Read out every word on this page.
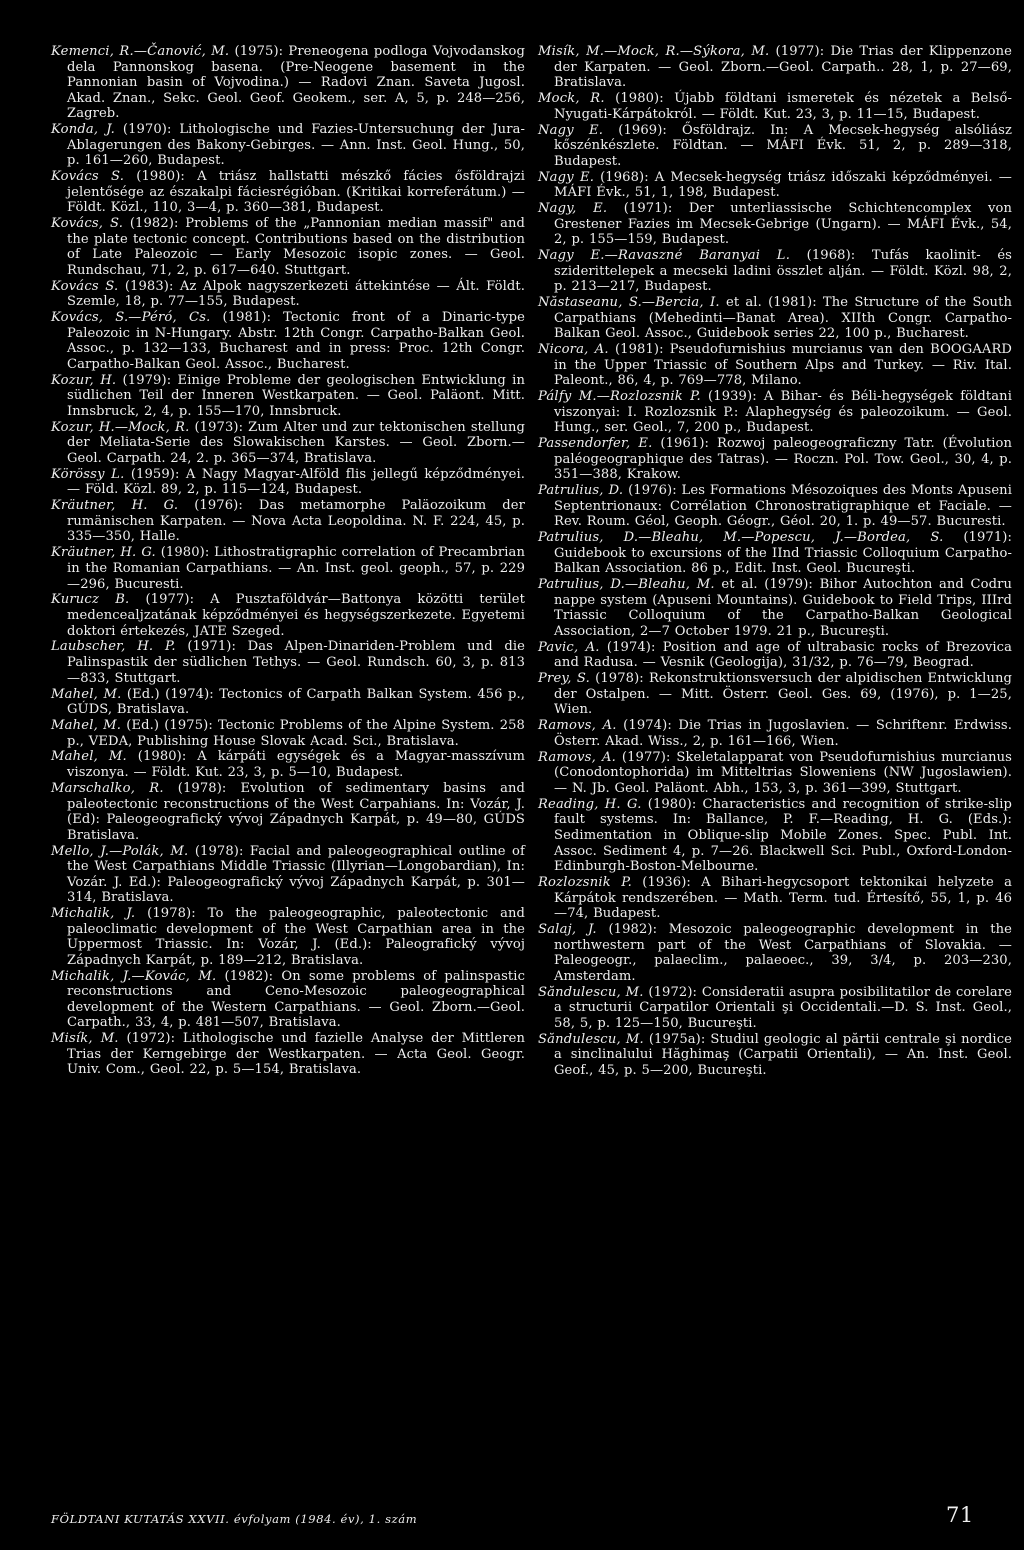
Kemenci, R.—Čanović, M. (1975): Preneogena podloga Vojvodanskog dela Pannonskog basena. (Pre-Neogene basement in the Pannonian basin of Vojvodina.) — Radovi Znan. Saveta Jugosl. Akad. Znan., Sekc. Geol. Geof. Geokem., ser. A, 5, p. 248—256, Zagreb.

Konda, J. (1970): Lithologische und Fazies-Untersuchung der Jura-Ablagerungen des Bakony-Gebirges. — Ann. Inst. Geol. Hung., 50, p. 161—260, Budapest.

Kovács S. (1980): A triász hallstatti mészkő fácies ősföldrajzi jelentősége az északalpi fáciesrégióban. (Kritikai korreferátum.) — Földt. Közl., 110, 3—4, p. 360—381, Budapest.

Kovács, S. (1982): Problems of the „Pannonian median massif" and the plate tectonic concept. Contributions based on the distribution of Late Paleozoic — Early Mesozoic isopic zones. — Geol. Rundschau, 71, 2, p. 617—640. Stuttgart.

Kovács S. (1983): Az Alpok nagyszerkezeti áttekintése — Ált. Földt. Szemle, 18, p. 77—155, Budapest.

Kovács, S.—Péró, Cs. (1981): Tectonic front of a Dinaric-type Paleozoic in N-Hungary. Abstr. 12th Congr. Carpatho-Balkan Geol. Assoc., p. 132—133, Bucharest and in press: Proc. 12th Congr. Carpatho-Balkan Geol. Assoc., Bucharest.

Kozur, H. (1979): Einige Probleme der geologischen Entwicklung in südlichen Teil der Inneren Westkarpaten. — Geol. Paläont. Mitt. Innsbruck, 2, 4, p. 155—170, Innsbruck.

Kozur, H.—Mock, R. (1973): Zum Alter und zur tektonischen stellung der Meliata-Serie des Slowakischen Karstes. — Geol. Zborn.—Geol. Carpath. 24, 2. p. 365—374, Bratislava.

Körössy L. (1959): A Nagy Magyar-Alföld flis jellegű képződményei. — Föld. Közl. 89, 2, p. 115—124, Budapest.

Kräutner, H. G. (1976): Das metamorphe Paläozoikum der rumänischen Karpaten. — Nova Acta Leopoldina. N. F. 224, 45, p. 335—350, Halle.

Kräutner, H. G. (1980): Lithostratigraphic correlation of Precambrian in the Romanian Carpathians. — An. Inst. geol. geoph., 57, p. 229—296, Bucuresti.

Kurucz B. (1977): A Pusztaföldvár—Battonya közötti terület medencealjzatának képződményei és hegységszerkezete. Egyetemi doktori értekezés, JATE Szeged.

Laubscher, H. P. (1971): Das Alpen-Dinariden-Problem und die Palinspastik der südlichen Tethys. — Geol. Rundsch. 60, 3, p. 813—833, Stuttgart.

Mahel, M. (Ed.) (1974): Tectonics of Carpath Balkan System. 456 p., GÚDS, Bratislava.

Mahel, M. (Ed.) (1975): Tectonic Problems of the Alpine System. 258 p., VEDA, Publishing House Slovak Acad. Sci., Bratislava.

Mahel, M. (1980): A kárpáti egységek és a Magyar-masszívum viszonya. — Földt. Kut. 23, 3, p. 5—10, Budapest.

Marschalko, R. (1978): Evolution of sedimentary basins and paleotectonic reconstructions of the West Carpahians. In: Vozár, J. (Ed): Paleogeografický vývoj Západnych Karpát, p. 49—80, GÚDS Bratislava.

Mello, J.—Polák, M. (1978): Facial and paleogeographical outline of the West Carpathians Middle Triassic (Illyrian—Longobardian), In: Vozár. J. Ed.): Paleogeografický vývoj Západnych Karpát, p. 301—314, Bratislava.

Michalik, J. (1978): To the paleogeographic, paleotectonic and paleoclimatic development of the West Carpathian area in the Uppermost Triassic. In: Vozár, J. (Ed.): Paleografický vývoj Západnych Karpát, p. 189—212, Bratislava.

Michalik, J.—Kovác, M. (1982): On some problems of palinspastic reconstructions and Ceno-Mesozoic paleogeographical development of the Western Carpathians. — Geol. Zborn.—Geol. Carpath., 33, 4, p. 481—507, Bratislava.

Misík, M. (1972): Lithologische und fazielle Analyse der Mittleren Trias der Kerngebirge der Westkarpaten. — Acta Geol. Geogr. Univ. Com., Geol. 22, p. 5—154, Bratislava.

Misík, M.—Mock, R.—Sýkora, M. (1977): Die Trias der Klippenzone der Karpaten. — Geol. Zborn.—Geol. Carpath.. 28, 1, p. 27—69, Bratislava.

Mock, R. (1980): Újabb földtani ismeretek és nézetek a Belső-Nyugati-Kárpátokról. — Földt. Kut. 23, 3, p. 11—15, Budapest.

Nagy E. (1969): Ősföldrajz. In: A Mecsek-hegység alsóliász kőszénkészlete. Földtan. — MÁFI Évk. 51, 2, p. 289—318, Budapest.

Nagy E. (1968): A Mecsek-hegység triász időszaki képződményei. — MÁFI Évk., 51, 1, 198, Budapest.

Nagy, E. (1971): Der unterliassische Schichtencomplex von Grestener Fazies im Mecsek-Gebrige (Ungarn). — MÁFI Évk., 54, 2, p. 155—159, Budapest.

Nagy E.—Ravaszné Baranyai L. (1968): Tufás kaolinit- és sziderittelepek a mecseki ladini összlet alján. — Földt. Közl. 98, 2, p. 213—217, Budapest.

Năstaseanu, S.—Bercia, I. et al. (1981): The Structure of the South Carpathians (Mehedinti—Banat Area). XIIth Congr. Carpatho-Balkan Geol. Assoc., Guidebook series 22, 100 p., Bucharest.

Nicora, A. (1981): Pseudofurnishius murcianus van den BOOGAARD in the Upper Triassic of Southern Alps and Turkey. — Riv. Ital. Paleont., 86, 4, p. 769—778, Milano.

Pálfy M.—Rozlozsnik P. (1939): A Bihar- és Béli-hegységek földtani viszonyai: I. Rozlozsnik P.: Alaphegység és paleozoikum. — Geol. Hung., ser. Geol., 7, 200 p., Budapest.

Passendorfer, E. (1961): Rozwoj paleogeograficzny Tatr. (Évolution paléogeographique des Tatras). — Roczn. Pol. Tow. Geol., 30, 4, p. 351—388, Krakow.

Patrulius, D. (1976): Les Formations Mésozoiques des Monts Apuseni Septentrionaux: Corrélation Chronostratigraphique et Faciale. — Rev. Roum. Géol, Geoph. Géogr., Géol. 20, 1. p. 49—57. Bucuresti.

Patrulius, D.—Bleahu, M.—Popescu, J.—Bordea, S. (1971): Guidebook to excursions of the IInd Triassic Colloquium Carpatho-Balkan Association. 86 p., Edit. Inst. Geol. Bucureşti.

Patrulius, D.—Bleahu, M. et al. (1979): Bihor Autochton and Codru nappe system (Apuseni Mountains). Guidebook to Field Trips, IIIrd Triassic Colloquium of the Carpatho-Balkan Geological Association, 2—7 October 1979. 21 p., Bucureşti.

Pavic, A. (1974): Position and age of ultrabasic rocks of Brezovica and Radusa. — Vesnik (Geologija), 31/32, p. 76—79, Beograd.

Prey, S. (1978): Rekonstruktionsversuch der alpidischen Entwicklung der Ostalpen. — Mitt. Österr. Geol. Ges. 69, (1976), p. 1—25, Wien.

Ramovs, A. (1974): Die Trias in Jugoslavien. — Schriftenr. Erdwiss. Österr. Akad. Wiss., 2, p. 161—166, Wien.

Ramovs, A. (1977): Skeletalapparat von Pseudofurnishius murcianus (Conodontophorida) im Mitteltrias Sloweniens (NW Jugoslawien). — N. Jb. Geol. Paläont. Abh., 153, 3, p. 361—399, Stuttgart.

Reading, H. G. (1980): Characteristics and recognition of strike-slip fault systems. In: Ballance, P. F.—Reading, H. G. (Eds.): Sedimentation in Oblique-slip Mobile Zones. Spec. Publ. Int. Assoc. Sediment 4, p. 7—26. Blackwell Sci. Publ., Oxford-London-Edinburgh-Boston-Melbourne.

Rozlozsnik P. (1936): A Bihari-hegycsoport tektonikai helyzete a Kárpátok rendszerében. — Math. Term. tud. Értesítő, 55, 1, p. 46—74, Budapest.

Salaj, J. (1982): Mesozoic paleogeographic development in the northwestern part of the West Carpathians of Slovakia. — Paleogeogr., palaeclim., palaeoec., 39, 3/4, p. 203—230, Amsterdam.

Săndulescu, M. (1972): Consideratii asupra posibilitatilor de corelare a structurii Carpatilor Orientali şi Occidentali.—D. S. Inst. Geol., 58, 5, p. 125—150, Bucureşti.

Săndulescu, M. (1975a): Studiul geologic al părtii centrale şi nordice a sinclinalului Hăghimaş (Carpatii Orientali), — An. Inst. Geol. Geof., 45, p. 5—200, Bucureşti.

FÖLDTANI KUTATÁS XXVII. évfolyam (1984. év), 1. szám	71
